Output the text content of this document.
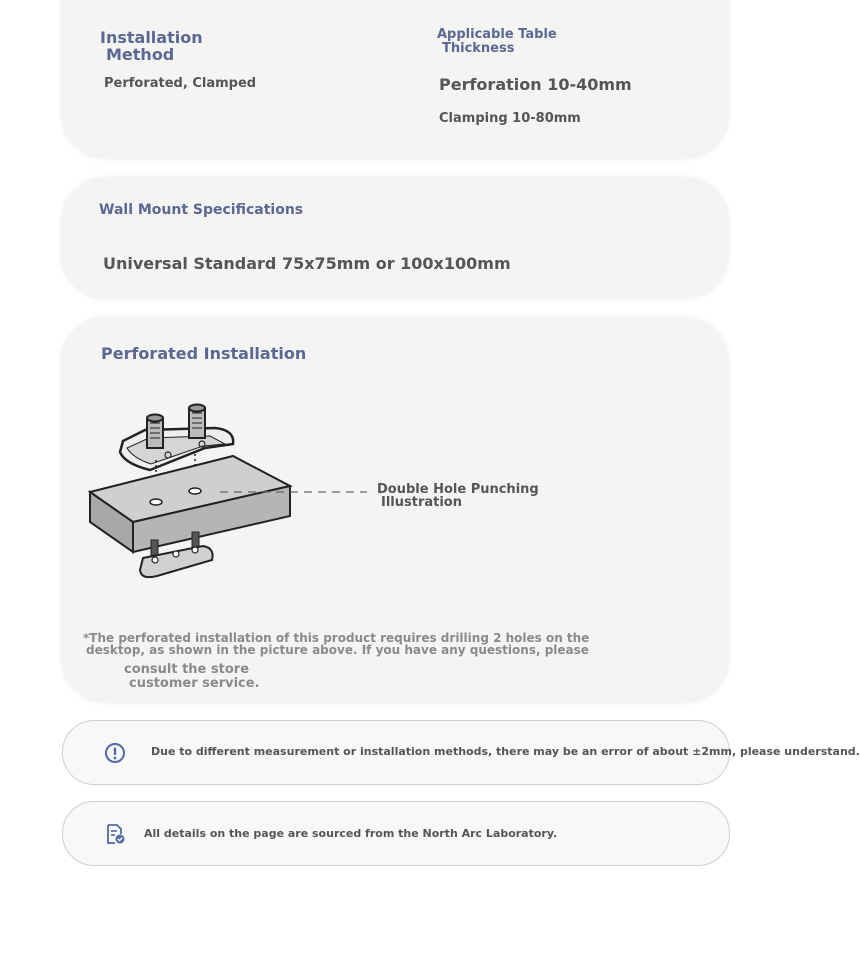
Installation
Method
Perforated, Clamped
Applicable Table
Thickness
Perforation 10-40mm
Clamping 10-80mm
Wall Mount Specifications
Universal Standard 75x75mm or 100x100mm
Perforated Installation
Double Hole Punching
Illustration
*The perforated installation of this product requires drilling 2 holes on the
desktop, as shown in the picture above. If you have any questions, please
consult the store
customer service.
Due to different measurement or installation methods, there may be an error of about ±2mm, please understand.
All details on the page are sourced from the North Arc Laboratory.
